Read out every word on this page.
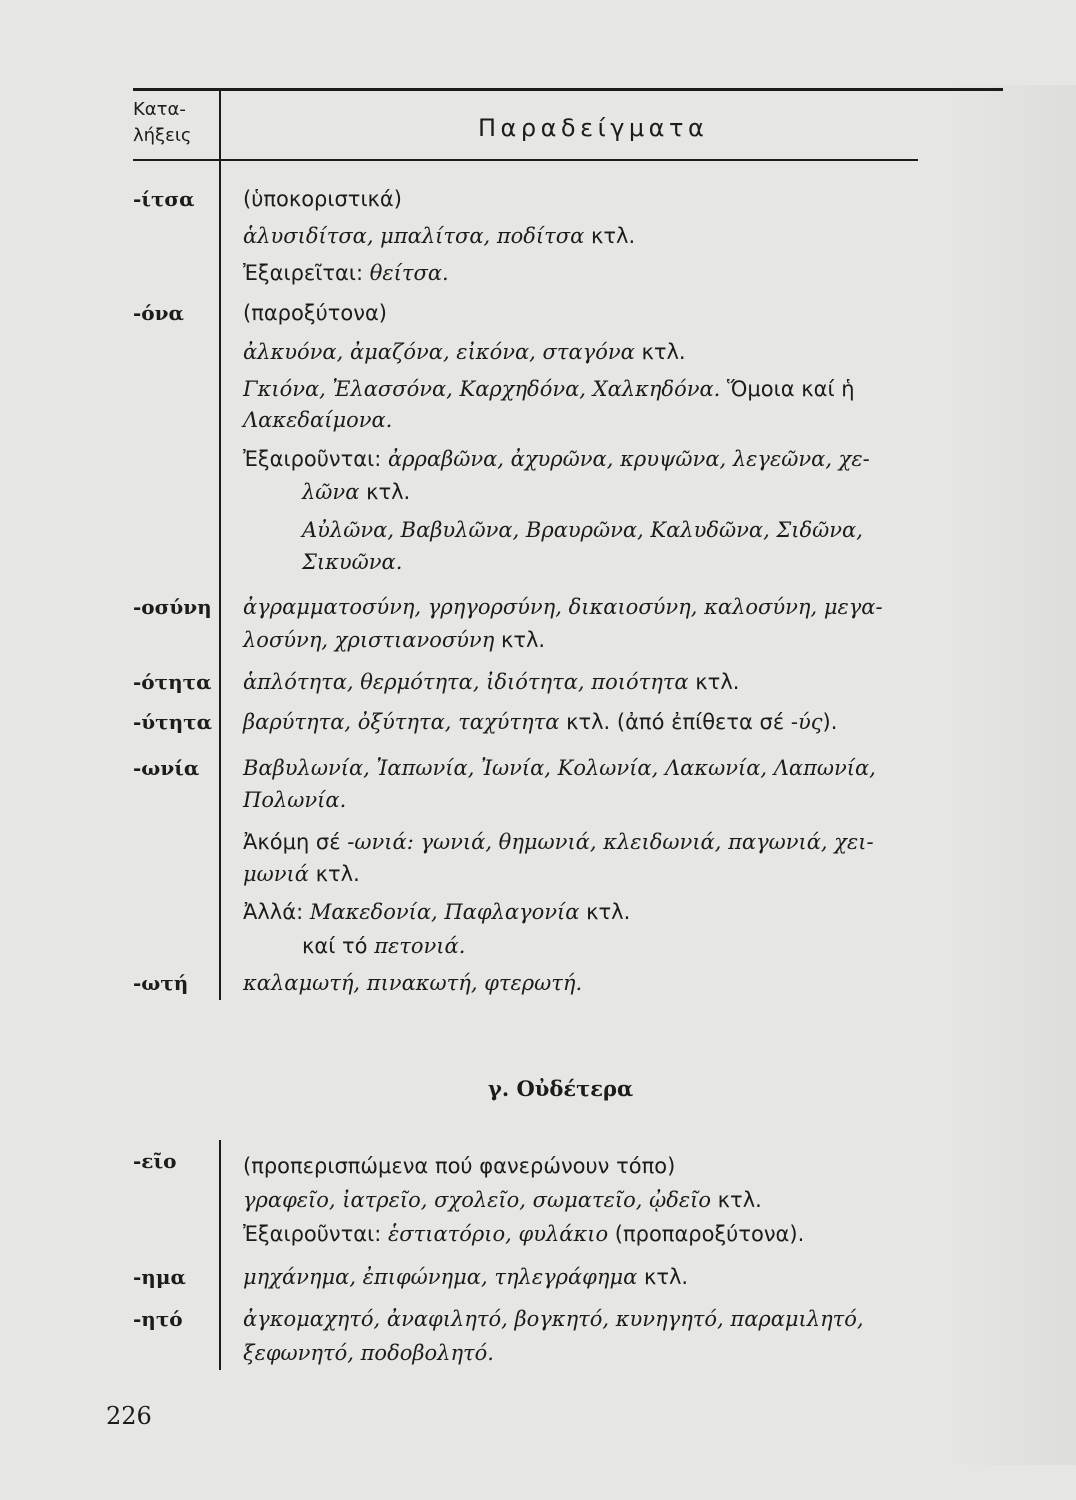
Κατα-
λήξεις	Παραδείγματα
-ίτσα (ὑποκοριστικά)
ἁλυσιδίτσα, μπαλίτσα, ποδίτσα κτλ.
Ἐξαιρεῖται: θείτσα.
-όνα	(παροξύτονα)
ἀλκυόνα, ἀμαζόνα, εἰκόνα, σταγόνα κτλ.
Γκιόνα, Ἐλασσόνα, Καρχηδόνα, Χαλκηδόνα. Ὅμοια καί ἡ
Λακεδαίμονα.
Ἐξαιροῦνται: ἀρραβῶνα, ἀχυρῶνα, κρυψῶνα, λεγεῶνα, χε-
λῶνα κτλ.
Αὐλῶνα, Βαβυλῶνα, Βραυρῶνα, Καλυδῶνα, Σιδῶνα,
Σικυῶνα.
-οσύνη ἀγραμματοσύνη, γρηγορσύνη, δικαιοσύνη, καλοσύνη, μεγα-
λοσύνη, χριστιανοσύνη κτλ.
-ότητα ἁπλότητα, θερμότητα, ἰδιότητα, ποιότητα κτλ.
-ύτητα βαρύτητα, ὀξύτητα, ταχύτητα κτλ. (ἀπό ἐπίθετα σέ -ύς).
-ωνία Βαβυλωνία, Ἰαπωνία, Ἰωνία, Κολωνία, Λακωνία, Λαπωνία,
Πολωνία.
Ἀκόμη σέ -ωνιά: γωνιά, θημωνιά, κλειδωνιά, παγωνιά, χει-
μωνιά κτλ.
Ἀλλά: Μακεδονία, Παφλαγονία κτλ.
καί τό πετονιά.
-ωτή	καλαμωτή, πινακωτή, φτερωτή.
γ. Οὐδέτερα
-εῖο	(προπερισπώμενα πού φανερώνουν τόπο)
γραφεῖο, ἰατρεῖο, σχολεῖο, σωματεῖο, ᾠδεῖο κτλ.
Ἐξαιροῦνται: ἑστιατόριο, φυλάκιο (προπαροξύτονα).
-ημα	μηχάνημα, ἐπιφώνημα, τηλεγράφημα κτλ.
-ητό	ἀγκομαχητό, ἀναφιλητό, βογκητό, κυνηγητό, παραμιλητό,
ξεφωνητό, ποδοβολητό.
226
